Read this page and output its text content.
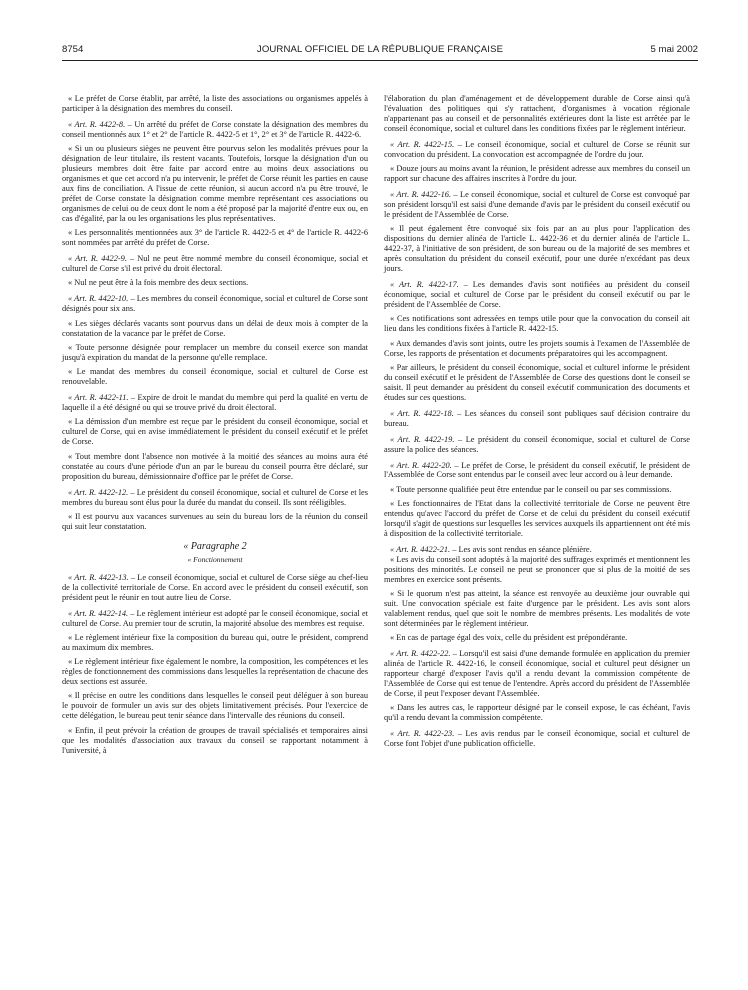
8754	JOURNAL OFFICIEL DE LA RÉPUBLIQUE FRANÇAISE	5 mai 2002

« Le préfet de Corse établit, par arrêté, la liste des associations ou organismes appelés à participer à la désignation des membres du conseil.

« Art. R. 4422-8. – Un arrêté du préfet de Corse constate la désignation des membres du conseil mentionnés aux 1° et 2° de l'article R. 4422-5 et 1°, 2° et 3° de l'article R. 4422-6.

« Si un ou plusieurs sièges ne peuvent être pourvus selon les modalités prévues pour la désignation de leur titulaire, ils restent vacants. Toutefois, lorsque la désignation d'un ou plusieurs membres doit être faite par accord entre au moins deux associations ou organismes et que cet accord n'a pu intervenir, le préfet de Corse réunit les parties en cause aux fins de conciliation. A l'issue de cette réunion, si aucun accord n'a pu être trouvé, le préfet de Corse constate la désignation comme membre représentant ces associations ou organismes de celui ou de ceux dont le nom a été proposé par la majorité d'entre eux ou, en cas d'égalité, par la ou les organisations les plus représentatives.

« Les personnalités mentionnées aux 3° de l'article R. 4422-5 et 4° de l'article R. 4422-6 sont nommées par arrêté du préfet de Corse.

« Art. R. 4422-9. – Nul ne peut être nommé membre du conseil économique, social et culturel de Corse s'il est privé du droit électoral.

« Nul ne peut être à la fois membre des deux sections.

« Art. R. 4422-10. – Les membres du conseil économique, social et culturel de Corse sont désignés pour six ans.

« Les sièges déclarés vacants sont pourvus dans un délai de deux mois à compter de la constatation de la vacance par le préfet de Corse.

« Toute personne désignée pour remplacer un membre du conseil exerce son mandat jusqu'à expiration du mandat de la personne qu'elle remplace.

« Le mandat des membres du conseil économique, social et culturel de Corse est renouvelable.

« Art. R. 4422-11. – Expire de droit le mandat du membre qui perd la qualité en vertu de laquelle il a été désigné ou qui se trouve privé du droit électoral.

« La démission d'un membre est reçue par le président du conseil économique, social et culturel de Corse, qui en avise immédiatement le président du conseil exécutif et le préfet de Corse.

« Tout membre dont l'absence non motivée à la moitié des séances au moins aura été constatée au cours d'une période d'un an par le bureau du conseil pourra être déclaré, sur proposition du bureau, démissionnaire d'office par le préfet de Corse.

« Art. R. 4422-12. – Le président du conseil économique, social et culturel de Corse et les membres du bureau sont élus pour la durée du mandat du conseil. Ils sont rééligibles.

« Il est pourvu aux vacances survenues au sein du bureau lors de la réunion du conseil qui suit leur constatation.

« Paragraphe 2

« Fonctionnement

« Art. R. 4422-13. – Le conseil économique, social et culturel de Corse siège au chef-lieu de la collectivité territoriale de Corse. En accord avec le président du conseil exécutif, son président peut le réunir en tout autre lieu de Corse.

« Art. R. 4422-14. – Le règlement intérieur est adopté par le conseil économique, social et culturel de Corse. Au premier tour de scrutin, la majorité absolue des membres est requise.

« Le règlement intérieur fixe la composition du bureau qui, outre le président, comprend au maximum dix membres.

« Le règlement intérieur fixe également le nombre, la composition, les compétences et les règles de fonctionnement des commissions dans lesquelles la représentation de chacune des deux sections est assurée.

« Il précise en outre les conditions dans lesquelles le conseil peut déléguer à son bureau le pouvoir de formuler un avis sur des objets limitativement précisés. Pour l'exercice de cette délégation, le bureau peut tenir séance dans l'intervalle des réunions du conseil.

« Enfin, il peut prévoir la création de groupes de travail spécialisés et temporaires ainsi que les modalités d'association aux travaux du conseil se rapportant notamment à l'université, à

l'élaboration du plan d'aménagement et de développement durable de Corse ainsi qu'à l'évaluation des politiques qui s'y rattachent, d'organismes à vocation régionale n'appartenant pas au conseil et de personnalités extérieures dont la liste est arrêtée par le conseil économique, social et culturel dans les conditions fixées par le règlement intérieur.

« Art. R. 4422-15. – Le conseil économique, social et culturel de Corse se réunit sur convocation du président. La convocation est accompagnée de l'ordre du jour.

« Douze jours au moins avant la réunion, le président adresse aux membres du conseil un rapport sur chacune des affaires inscrites à l'ordre du jour.

« Art. R. 4422-16. – Le conseil économique, social et culturel de Corse est convoqué par son président lorsqu'il est saisi d'une demande d'avis par le président du conseil exécutif ou le président de l'Assemblée de Corse.

« Il peut également être convoqué six fois par an au plus pour l'application des dispositions du dernier alinéa de l'article L. 4422-36 et du dernier alinéa de l'article L. 4422-37, à l'initiative de son président, de son bureau ou de la majorité de ses membres et après consultation du président du conseil exécutif, pour une durée n'excédant pas deux jours.

« Art. R. 4422-17. – Les demandes d'avis sont notifiées au président du conseil économique, social et culturel de Corse par le président du conseil exécutif ou par le président de l'Assemblée de Corse.

« Ces notifications sont adressées en temps utile pour que la convocation du conseil ait lieu dans les conditions fixées à l'article R. 4422-15.

« Aux demandes d'avis sont joints, outre les projets soumis à l'examen de l'Assemblée de Corse, les rapports de présentation et documents préparatoires qui les accompagnent.

« Par ailleurs, le président du conseil économique, social et culturel informe le président du conseil exécutif et le président de l'Assemblée de Corse des questions dont le conseil se saisit. Il peut demander au président du conseil exécutif communication des documents et études sur ces questions.

« Art. R. 4422-18. – Les séances du conseil sont publiques sauf décision contraire du bureau.

« Art. R. 4422-19. – Le président du conseil économique, social et culturel de Corse assure la police des séances.

« Art. R. 4422-20. – Le préfet de Corse, le président du conseil exécutif, le président de l'Assemblée de Corse sont entendus par le conseil avec leur accord ou à leur demande.

« Toute personne qualifiée peut être entendue par le conseil ou par ses commissions.

« Les fonctionnaires de l'Etat dans la collectivité territoriale de Corse ne peuvent être entendus qu'avec l'accord du préfet de Corse et de celui du président du conseil exécutif lorsqu'il s'agit de questions sur lesquelles les services auxquels ils appartiennent ont été mis à disposition de la collectivité territoriale.

« Art. R. 4422-21. – Les avis sont rendus en séance plénière.

« Les avis du conseil sont adoptés à la majorité des suffrages exprimés et mentionnent les positions des minorités. Le conseil ne peut se prononcer que si plus de la moitié de ses membres en exercice sont présents.

« Si le quorum n'est pas atteint, la séance est renvoyée au deuxième jour ouvrable qui suit. Une convocation spéciale est faite d'urgence par le président. Les avis sont alors valablement rendus, quel que soit le nombre de membres présents. Les modalités de vote sont déterminées par le règlement intérieur.

« En cas de partage égal des voix, celle du président est prépondérante.

« Art. R. 4422-22. – Lorsqu'il est saisi d'une demande formulée en application du premier alinéa de l'article R. 4422-16, le conseil économique, social et culturel peut désigner un rapporteur chargé d'exposer l'avis qu'il a rendu devant la commission compétente de l'Assemblée de Corse qui est tenue de l'entendre. Après accord du président de l'Assemblée de Corse, il peut l'exposer devant l'Assemblée.

« Dans les autres cas, le rapporteur désigné par le conseil expose, le cas échéant, l'avis qu'il a rendu devant la commission compétente.

« Art. R. 4422-23. – Les avis rendus par le conseil économique, social et culturel de Corse font l'objet d'une publication officielle.
